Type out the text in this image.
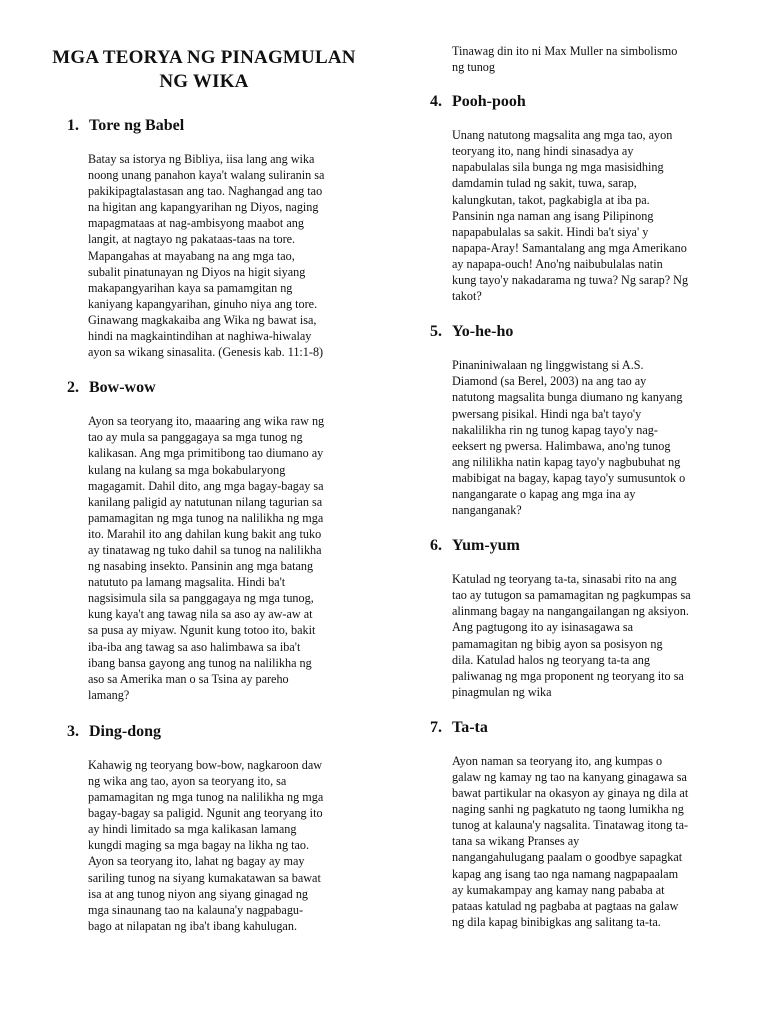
MGA TEORYA NG PINAGMULAN
NG WIKA
1. Tore ng Babel

Batay sa istorya ng Bibliya, iisa lang ang wika
noong unang panahon kaya't walang suliranin sa
pakikipagtalastasan ang tao. Naghangad ang tao
na higitan ang kapangyarihan ng Diyos, naging
mapagmataas at nag-ambisyong maabot ang
langit, at nagtayo ng pakataas-taas na tore.
Mapangahas at mayabang na ang mga tao,
subalit pinatunayan ng Diyos na higit siyang
makapangyarihan kaya sa pamamgitan ng
kaniyang kapangyarihan, ginuho niya ang tore.
Ginawang magkakaiba ang Wika ng bawat isa,
hindi na magkaintindihan at naghiwa-hiwalay
ayon sa wikang sinasalita. (Genesis kab. 11:1-8)

2. Bow-wow

Ayon sa teoryang ito, maaaring ang wika raw ng
tao ay mula sa panggagaya sa mga tunog ng
kalikasan. Ang mga primitibong tao diumano ay
kulang na kulang sa mga bokabularyong
magagamit. Dahil dito, ang mga bagay-bagay sa
kanilang paligid ay natutunan nilang tagurian sa
pamamagitan ng mga tunog na nalilikha ng mga
ito. Marahil ito ang dahilan kung bakit ang tuko
ay tinatawag ng tuko dahil sa tunog na nalilikha
ng nasabing insekto. Pansinin ang mga batang
natututo pa lamang magsalita. Hindi ba't
nagsisimula sila sa panggagaya ng mga tunog,
kung kaya't ang tawag nila sa aso ay aw-aw at
sa pusa ay miyaw. Ngunit kung totoo ito, bakit
iba-iba ang tawag sa aso halimbawa sa iba't
ibang bansa gayong ang tunog na nalilikha ng
aso sa Amerika man o sa Tsina ay pareho
lamang?

3. Ding-dong

Kahawig ng teoryang bow-bow, nagkaroon daw
ng wika ang tao, ayon sa teoryang ito, sa
pamamagitan ng mga tunog na nalilikha ng mga
bagay-bagay sa paligid. Ngunit ang teoryang ito
ay hindi limitado sa mga kalikasan lamang
kungdi maging sa mga bagay na likha ng tao.
Ayon sa teoryang ito, lahat ng bagay ay may
sariling tunog na siyang kumakatawan sa bawat
isa at ang tunog niyon ang siyang ginagad ng
mga sinaunang tao na kalauna'y nagpabagu-
bago at nilapatan ng iba't ibang kahulugan.

Tinawag din ito ni Max Muller na simbolismo
ng tunog

4. Pooh-pooh

Unang natutong magsalita ang mga tao, ayon
teoryang ito, nang hindi sinasadya ay
napabulalas sila bunga ng mga masisidhing
damdamin tulad ng sakit, tuwa, sarap,
kalungkutan, takot, pagkabigla at iba pa.
Pansinin nga naman ang isang Pilipinong
napapabulalas sa sakit. Hindi ba't siya' y
napapa-Aray! Samantalang ang mga Amerikano
ay napapa-ouch! Ano'ng naibubulalas natin
kung tayo'y nakadarama ng tuwa? Ng sarap? Ng
takot?

5. Yo-he-ho

Pinaniniwalaan ng linggwistang si A.S.
Diamond (sa Berel, 2003) na ang tao ay
natutong magsalita bunga diumano ng kanyang
pwersang pisikal. Hindi nga ba't tayo'y
nakalilikha rin ng tunog kapag tayo'y nag-
eeksert ng pwersa. Halimbawa, ano'ng tunog
ang nililikha natin kapag tayo'y nagbubuhat ng
mabibigat na bagay, kapag tayo'y sumusuntok o
nangangarate o kapag ang mga ina ay
nanganganak?

6. Yum-yum

Katulad ng teoryang ta-ta, sinasabi rito na ang
tao ay tutugon sa pamamagitan ng pagkumpas sa
alinmang bagay na nangangailangan ng aksiyon.
Ang pagtugong ito ay isinasagawa sa
pamamagitan ng bibig ayon sa posisyon ng
dila. Katulad halos ng teoryang ta-ta ang
paliwanag ng mga proponent ng teoryang ito sa
pinagmulan ng wika

7. Ta-ta

Ayon naman sa teoryang ito, ang kumpas o
galaw ng kamay ng tao na kanyang ginagawa sa
bawat partikular na okasyon ay ginaya ng dila at
naging sanhi ng pagkatuto ng taong lumikha ng
tunog at kalauna'y nagsalita. Tinatawag itong ta-
tana sa wikang Pranses ay
nangangahulugang paalam o goodbye sapagkat
kapag ang isang tao nga namang nagpapaalam
ay kumakampay ang kamay nang pababa at
pataas katulad ng pagbaba at pagtaas na galaw
ng dila kapag binibigkas ang salitang ta-ta.
